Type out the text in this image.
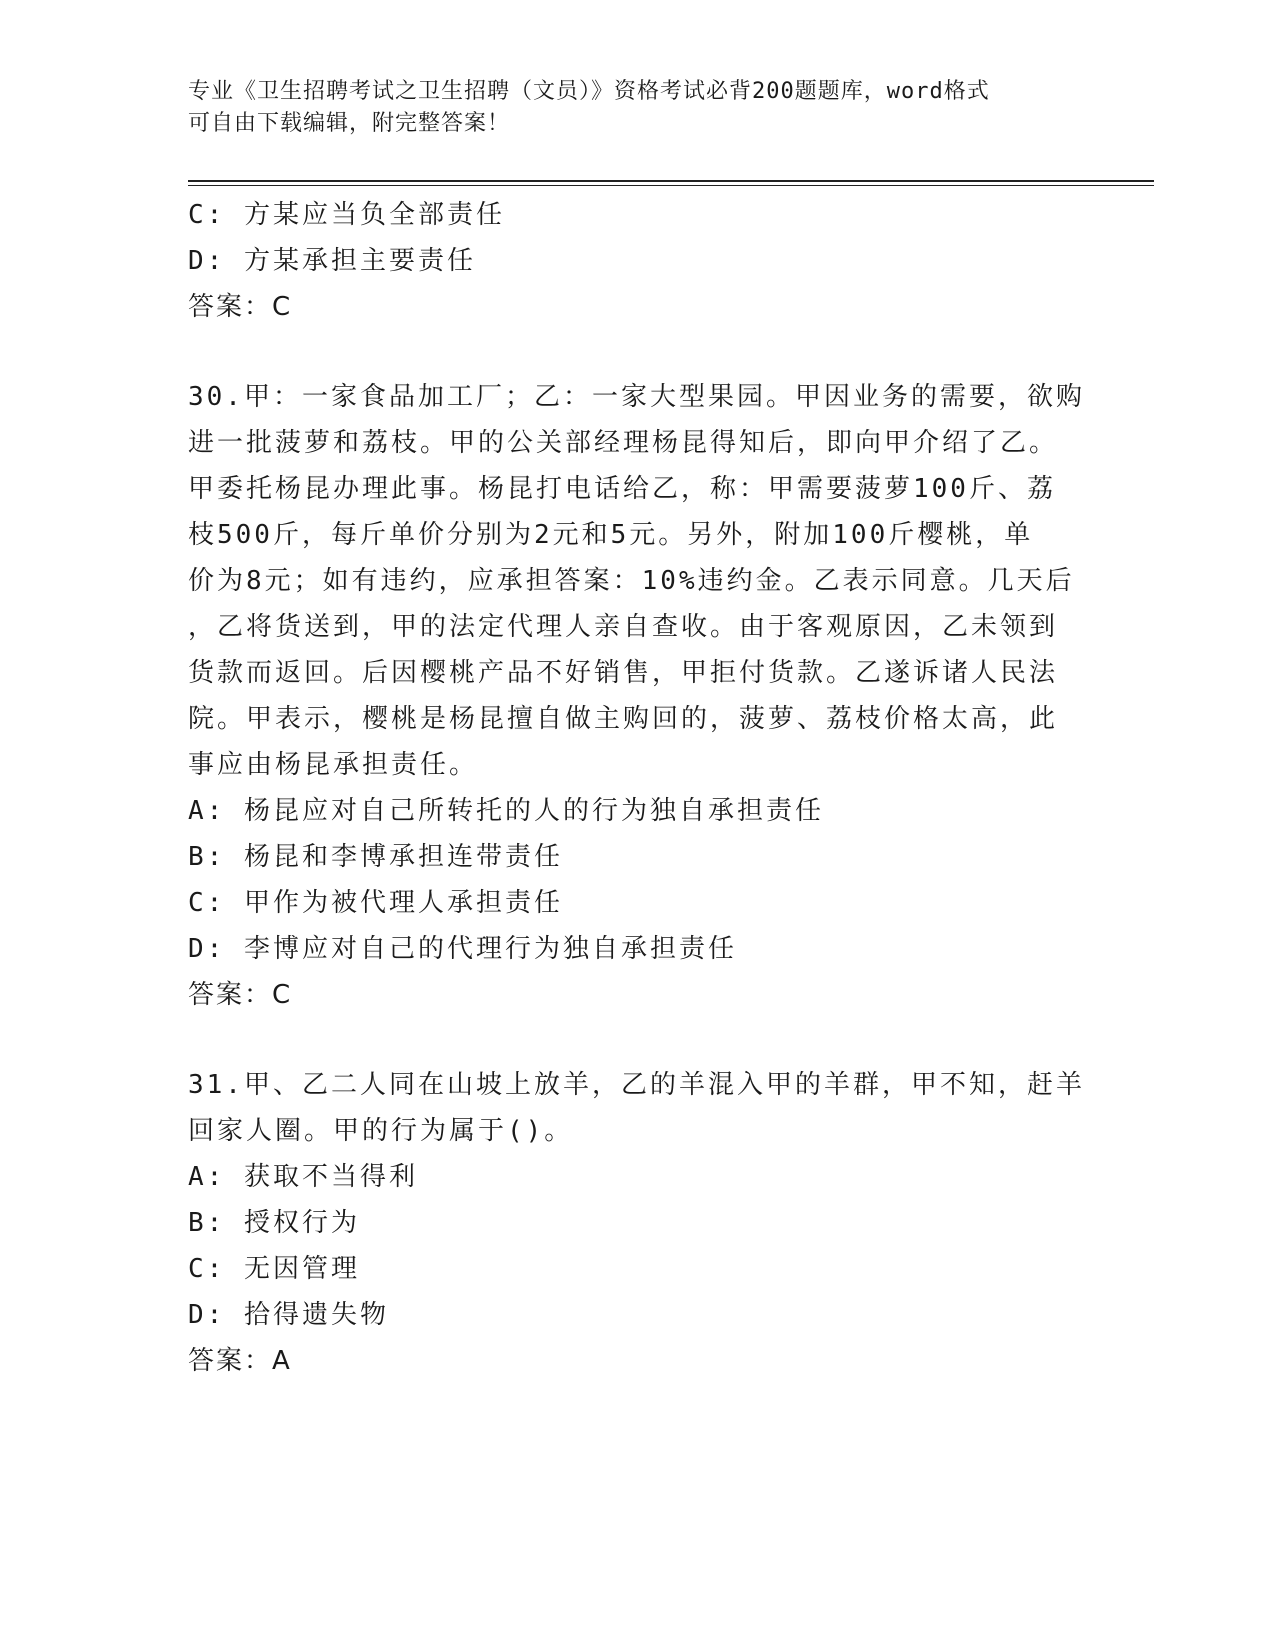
专业《卫生招聘考试之卫生招聘（文员）》资格考试必背200题题库，word格式
可自由下载编辑，附完整答案！

C: 方某应当负全部责任

D: 方某承担主要责任

答案：C

30.甲：一家食品加工厂；乙：一家大型果园。甲因业务的需要，欲购

进一批菠萝和荔枝。甲的公关部经理杨昆得知后，即向甲介绍了乙。

甲委托杨昆办理此事。杨昆打电话给乙，称：甲需要菠萝100斤、荔

枝500斤，每斤单价分别为2元和5元。另外，附加100斤樱桃，单

价为8元；如有违约，应承担答案：10%违约金。乙表示同意。几天后

，乙将货送到，甲的法定代理人亲自查收。由于客观原因，乙未领到

货款而返回。后因樱桃产品不好销售，甲拒付货款。乙遂诉诸人民法

院。甲表示，樱桃是杨昆擅自做主购回的，菠萝、荔枝价格太高，此

事应由杨昆承担责任。

A: 杨昆应对自己所转托的人的行为独自承担责任

B: 杨昆和李博承担连带责任

C: 甲作为被代理人承担责任

D: 李博应对自己的代理行为独自承担责任

答案：C

31.甲、乙二人同在山坡上放羊，乙的羊混入甲的羊群，甲不知，赶羊

回家人圈。甲的行为属于()。

A: 获取不当得利

B: 授权行为

C: 无因管理

D: 拾得遗失物

答案：A
